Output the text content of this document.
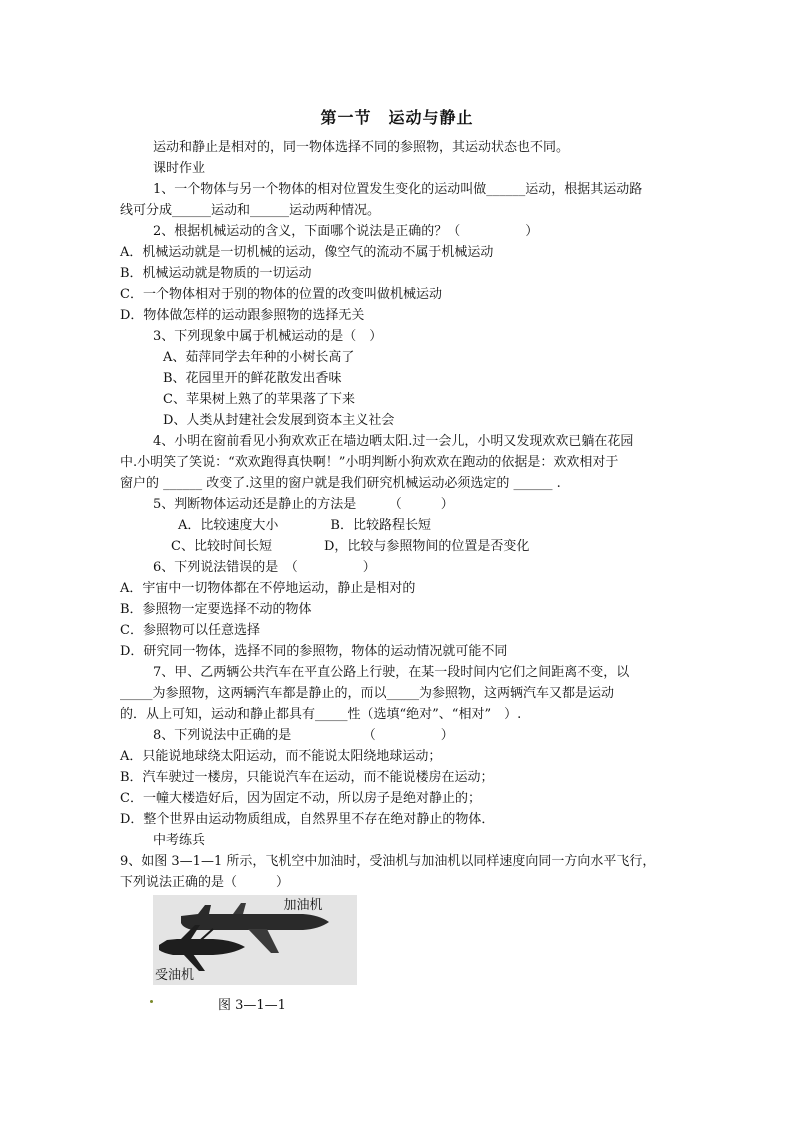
第一节　运动与静止
运动和静止是相对的，同一物体选择不同的参照物，其运动状态也不同。
课时作业
1、一个物体与另一个物体的相对位置发生变化的运动叫做______运动，根据其运动路
线可分成______运动和______运动两种情况。
2、根据机械运动的含义，下面哪个说法是正确的？（　　　　　）
A．机械运动就是一切机械的运动，像空气的流动不属于机械运动
B．机械运动就是物质的一切运动
C．一个物体相对于别的物体的位置的改变叫做机械运动
D．物体做怎样的运动跟参照物的选择无关
3、下列现象中属于机械运动的是（　）
A、茹萍同学去年种的小树长高了
B、花园里开的鲜花散发出香味
C、苹果树上熟了的苹果落了下来
D、人类从封建社会发展到资本主义社会
4、小明在窗前看见小狗欢欢正在墙边晒太阳.过一会儿，小明又发现欢欢已躺在花园
中.小明笑了笑说：“欢欢跑得真快啊！”小明判断小狗欢欢在跑动的依据是：欢欢相对于
窗户的 ______ 改变了.这里的窗户就是我们研究机械运动必须选定的 ______ .
5、判断物体运动还是静止的方法是　　　（　　　）
A．比较速度大小　　　　B．比较路程长短
C、比较时间长短　　　　D，比较与参照物间的位置是否变化
6、下列说法错误的是　（　　　　　）
A．宇宙中一切物体都在不停地运动，静止是相对的
B．参照物一定要选择不动的物体
C．参照物可以任意选择
D．研究同一物体，选择不同的参照物，物体的运动情况就可能不同
7、甲、乙两辆公共汽车在平直公路上行驶，在某一段时间内它们之间距离不变，以
_____为参照物，这两辆汽车都是静止的，而以_____为参照物，这两辆汽车又都是运动
的．从上可知，运动和静止都具有_____性（选填“绝对”、“相对”　）.
8、下列说法中正确的是　　　　　　（　　　　　）
A．只能说地球绕太阳运动，而不能说太阳绕地球运动；
B．汽车驶过一楼房，只能说汽车在运动，而不能说楼房在运动；
C．一幢大楼造好后，因为固定不动，所以房子是绝对静止的；
D．整个世界由运动物质组成，自然界里不存在绝对静止的物体．
中考练兵
9、如图 3—1—1 所示，飞机空中加油时，受油机与加油机以同样速度向同一方向水平飞行，
下列说法正确的是（　　　）
加油机
受油机
图 3—1—1
